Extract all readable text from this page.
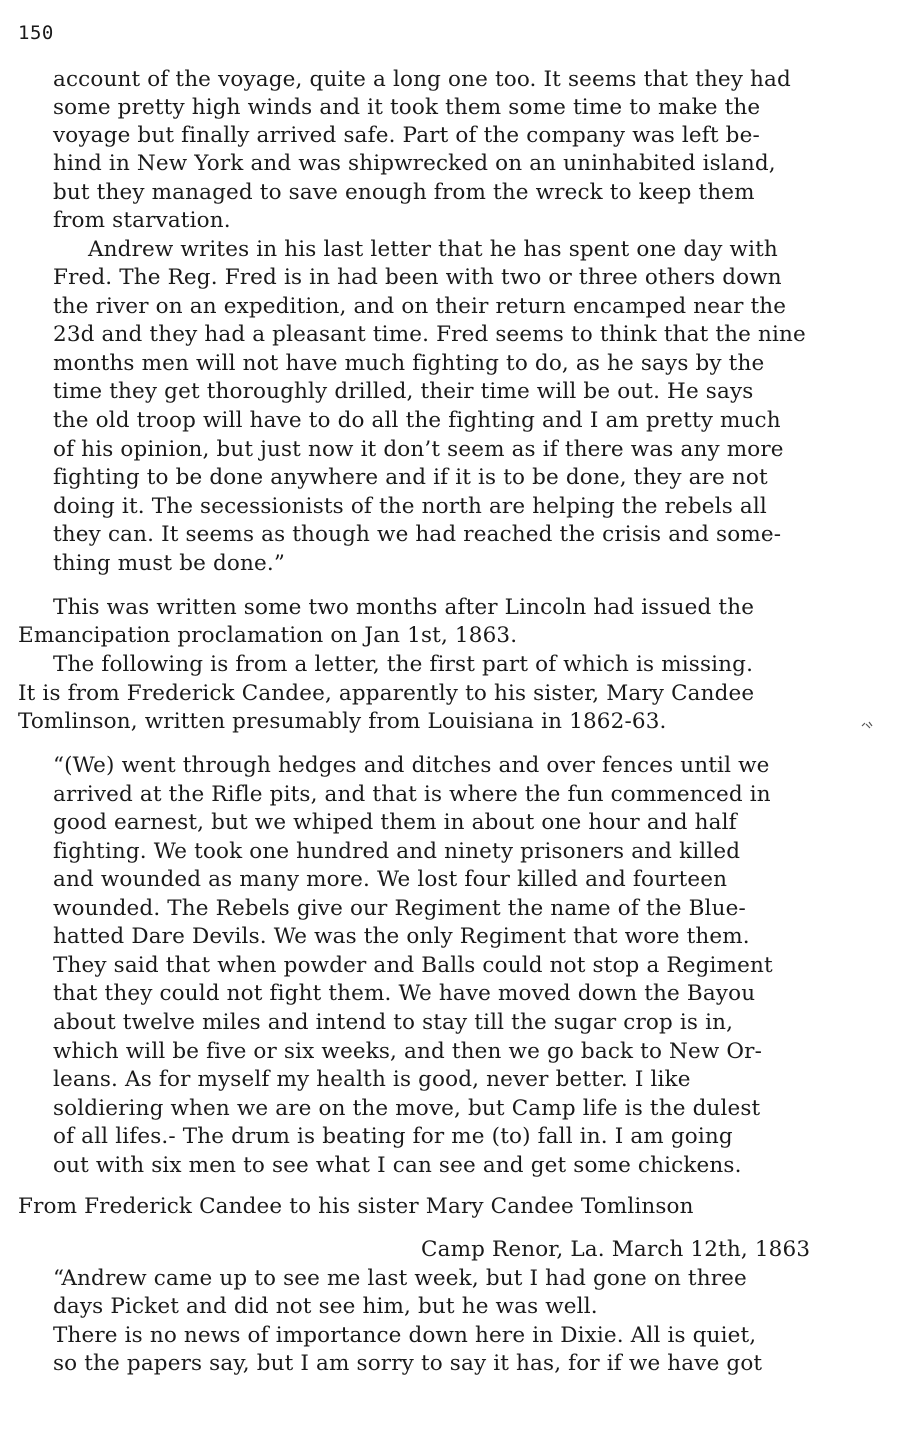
150
account of the voyage, quite a long one too. It seems that they had
some pretty high winds and it took them some time to make the
voyage but finally arrived safe. Part of the company was left be-
hind in New York and was shipwrecked on an uninhabited island,
but they managed to save enough from the wreck to keep them
from starvation.
Andrew writes in his last letter that he has spent one day with
Fred. The Reg. Fred is in had been with two or three others down
the river on an expedition, and on their return encamped near the
23d and they had a pleasant time. Fred seems to think that the nine
months men will not have much fighting to do, as he says by the
time they get thoroughly drilled, their time will be out. He says
the old troop will have to do all the fighting and I am pretty much
of his opinion, but just now it don’t seem as if there was any more
fighting to be done anywhere and if it is to be done, they are not
doing it. The secessionists of the north are helping the rebels all
they can. It seems as though we had reached the crisis and some-
thing must be done.”
This was written some two months after Lincoln had issued the
Emancipation proclamation on Jan 1st, 1863.
The following is from a letter, the first part of which is missing.
It is from Frederick Candee, apparently to his sister, Mary Candee
Tomlinson, written presumably from Louisiana in 1862-63.
“(We) went through hedges and ditches and over fences until we
arrived at the Rifle pits, and that is where the fun commenced in
good earnest, but we whiped them in about one hour and half
fighting. We took one hundred and ninety prisoners and killed
and wounded as many more. We lost four killed and fourteen
wounded. The Rebels give our Regiment the name of the Blue-
hatted Dare Devils. We was the only Regiment that wore them.
They said that when powder and Balls could not stop a Regiment
that they could not fight them. We have moved down the Bayou
about twelve miles and intend to stay till the sugar crop is in,
which will be five or six weeks, and then we go back to New Or-
leans. As for myself my health is good, never better. I like
soldiering when we are on the move, but Camp life is the dulest
of all lifes.- The drum is beating for me (to) fall in. I am going
out with six men to see what I can see and get some chickens.
From Frederick Candee to his sister Mary Candee Tomlinson
Camp Renor, La. March 12th, 1863
“Andrew came up to see me last week, but I had gone on three
days Picket and did not see him, but he was well.
There is no news of importance down here in Dixie. All is quiet,
so the papers say, but I am sorry to say it has, for if we have got
